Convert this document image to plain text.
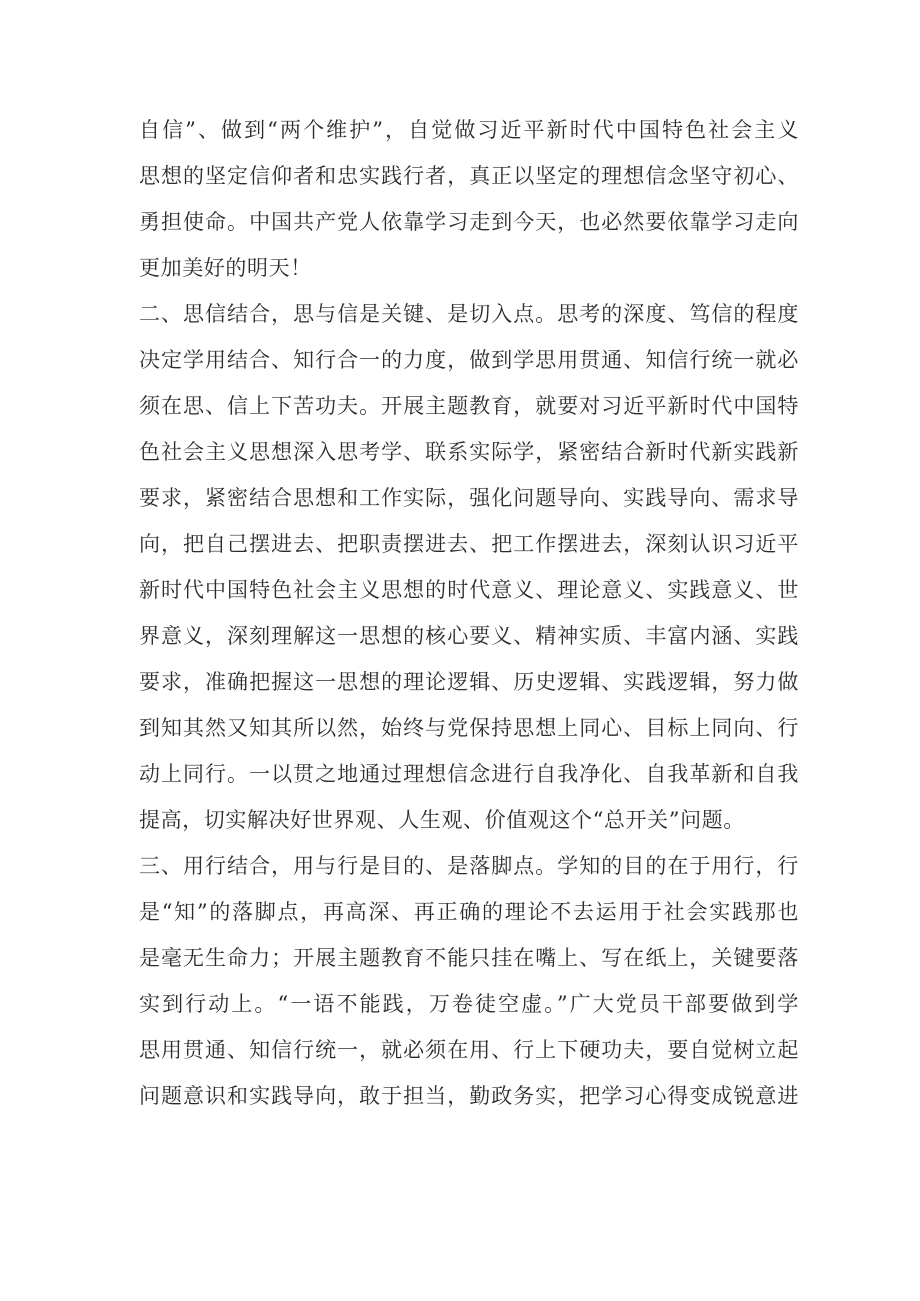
自信”、做到“两个维护”，自觉做习近平新时代中国特色社会主义
思想的坚定信仰者和忠实践行者，真正以坚定的理想信念坚守初心、
勇担使命。中国共产党人依靠学习走到今天，也必然要依靠学习走向
更加美好的明天！
二、思信结合，思与信是关键、是切入点。思考的深度、笃信的程度
决定学用结合、知行合一的力度，做到学思用贯通、知信行统一就必
须在思、信上下苦功夫。开展主题教育，就要对习近平新时代中国特
色社会主义思想深入思考学、联系实际学，紧密结合新时代新实践新
要求，紧密结合思想和工作实际，强化问题导向、实践导向、需求导
向，把自己摆进去、把职责摆进去、把工作摆进去，深刻认识习近平
新时代中国特色社会主义思想的时代意义、理论意义、实践意义、世
界意义，深刻理解这一思想的核心要义、精神实质、丰富内涵、实践
要求，准确把握这一思想的理论逻辑、历史逻辑、实践逻辑，努力做
到知其然又知其所以然，始终与党保持思想上同心、目标上同向、行
动上同行。一以贯之地通过理想信念进行自我净化、自我革新和自我
提高，切实解决好世界观、人生观、价值观这个“总开关”问题。
三、用行结合，用与行是目的、是落脚点。学知的目的在于用行，行
是“知”的落脚点，再高深、再正确的理论不去运用于社会实践那也
是毫无生命力；开展主题教育不能只挂在嘴上、写在纸上，关键要落
实到行动上。“一语不能践，万卷徒空虚。”广大党员干部要做到学
思用贯通、知信行统一，就必须在用、行上下硬功夫，要自觉树立起
问题意识和实践导向，敢于担当，勤政务实，把学习心得变成锐意进
